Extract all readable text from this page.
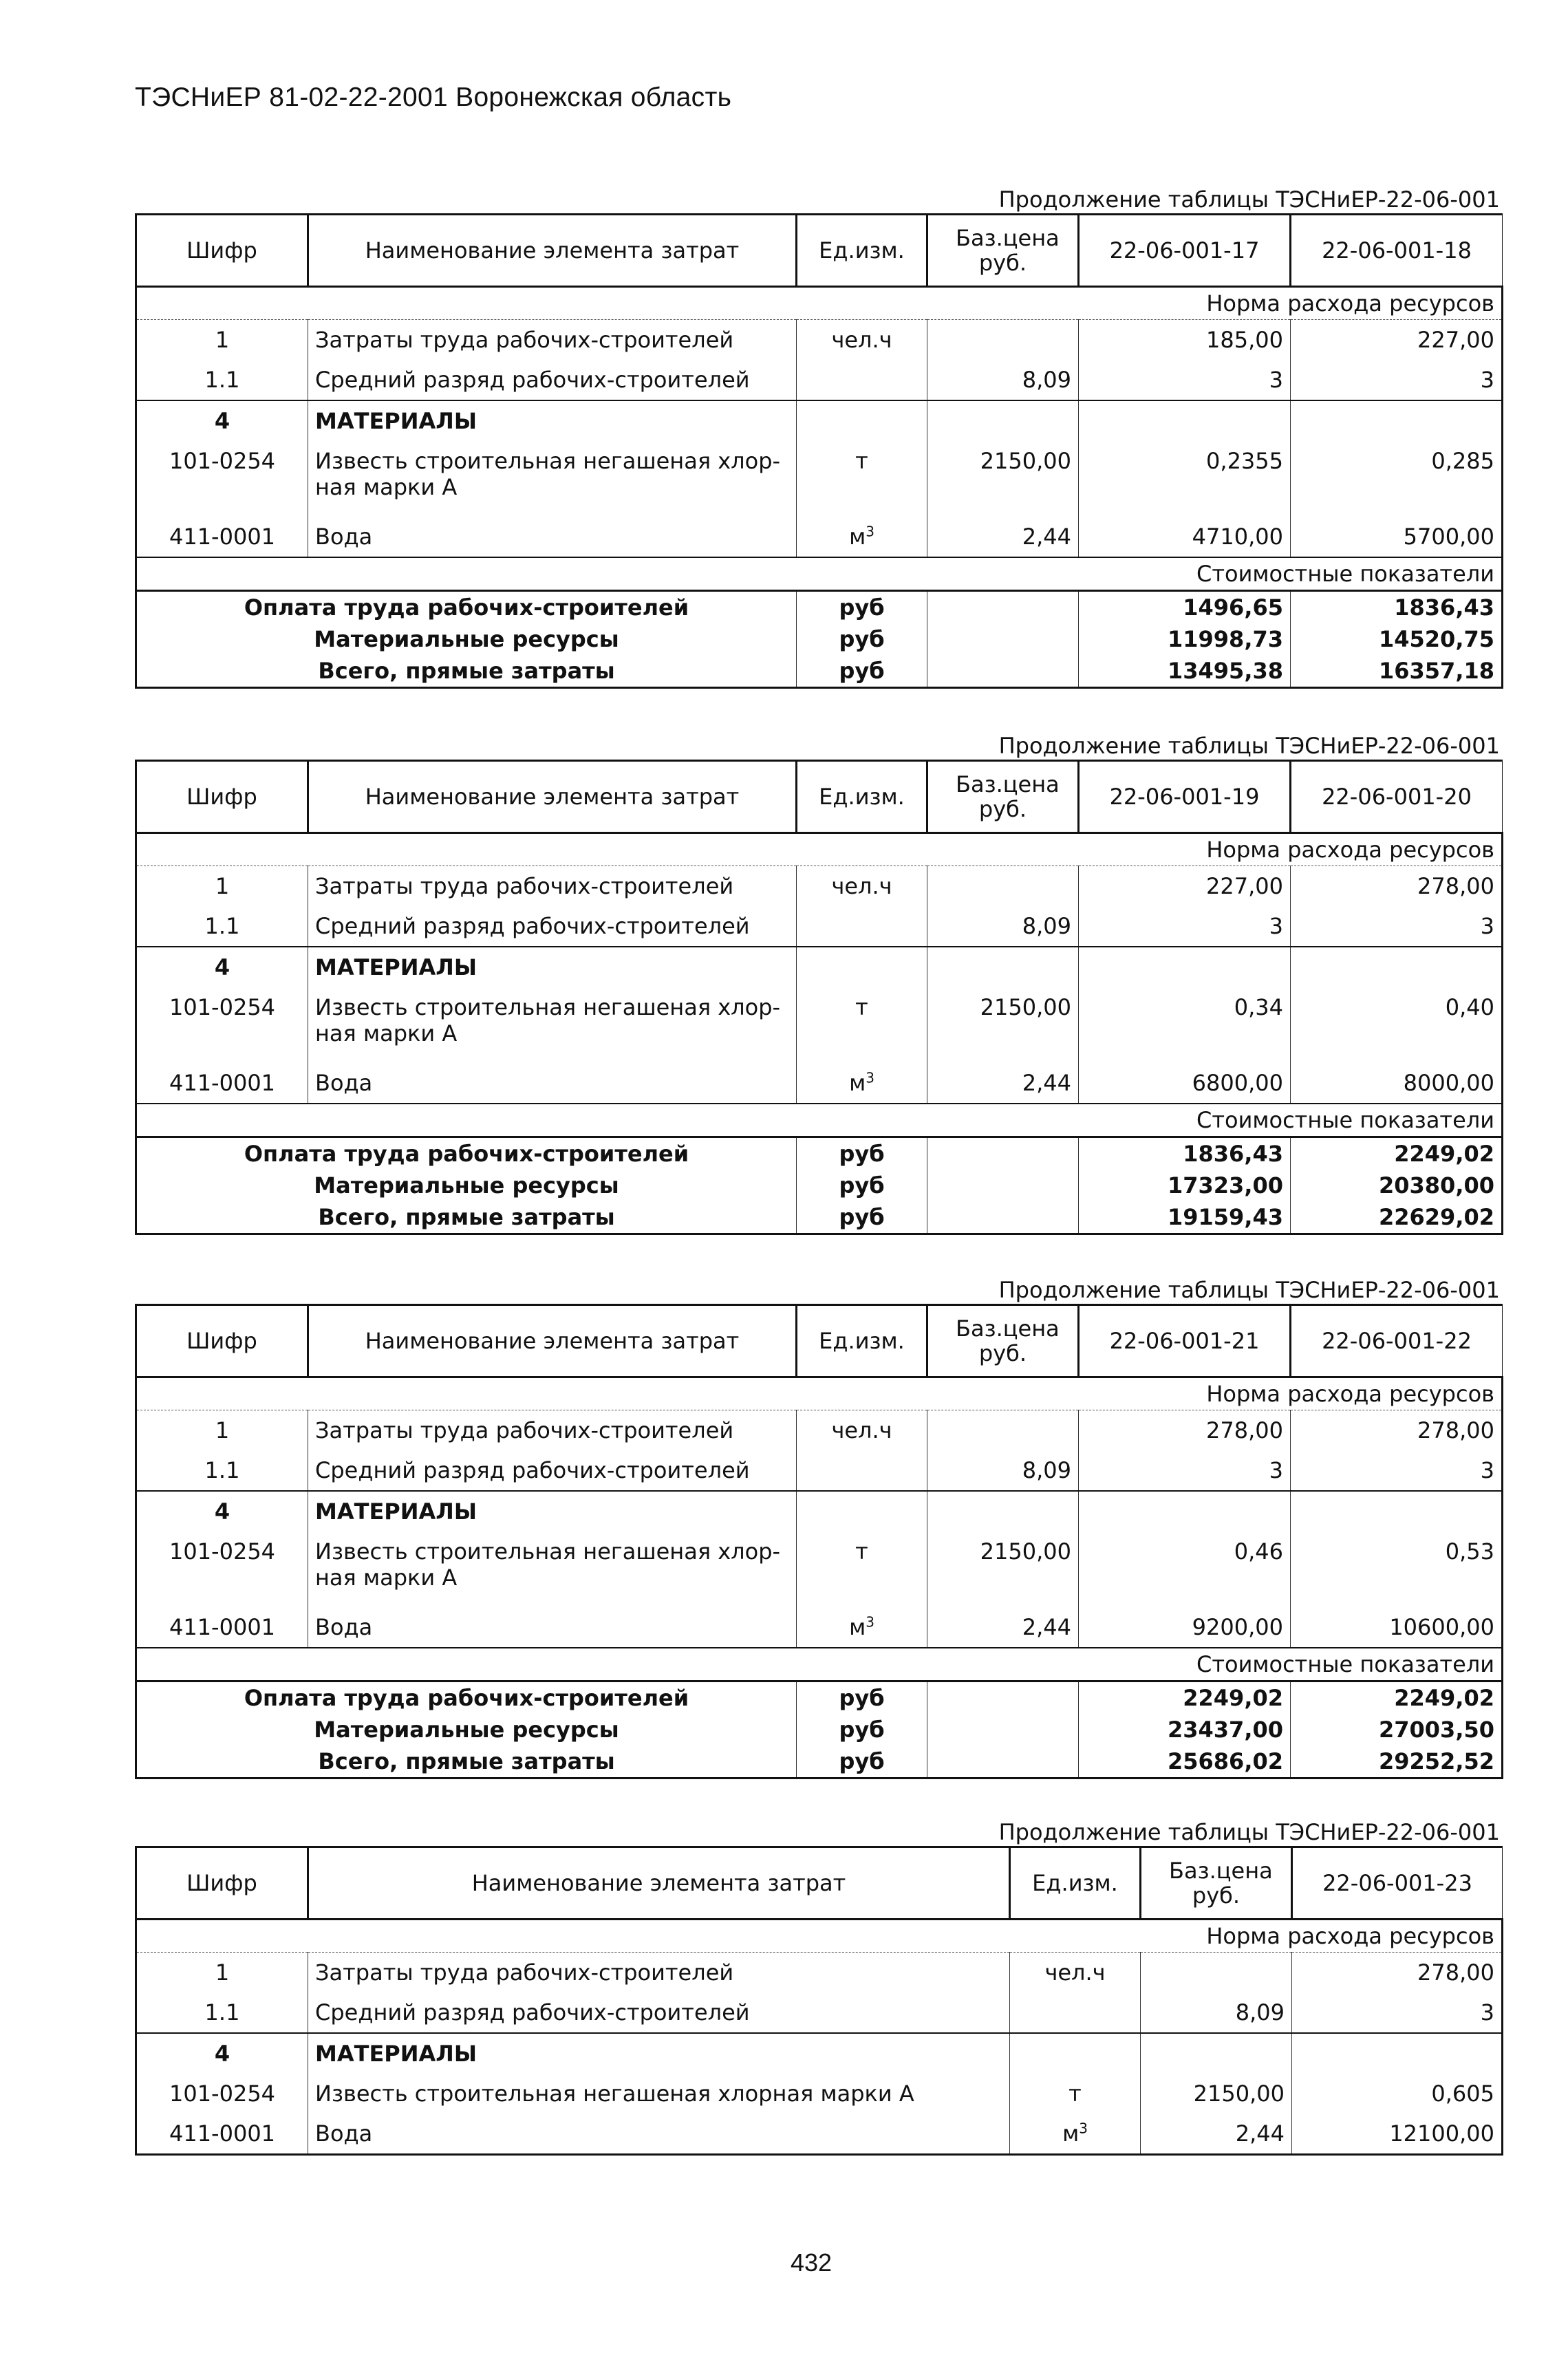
ТЭСНиЕР 81-02-22-2001 Воронежская область
Продолжение таблицы ТЭСНиЕР-22-06-001
Шифр	Наименование элемента затрат	Ед.изм.	Баз.цена руб.	22-06-001-17	22-06-001-18
Норма расхода ресурсов					
1	Затраты труда рабочих-строителей	чел.ч		185,00	227,00
1.1	Средний разряд рабочих-строителей		8,09	3	3
4	МАТЕРИАЛЫ				
101-0254	Известь строительная негашеная хлор-ная марки А	т	2150,00	0,2355	0,285
411-0001	Вода	$м^3$	2,44	4710,00	5700,00
Стоимостные показатели					
Оплата труда рабочих-строителей		руб		1496,65	1836,43
Материальные ресурсы		руб		11998,73	14520,75
Всего, прямые затраты		руб		13495,38	16357,18
Продолжение таблицы ТЭСНиЕР-22-06-001
Шифр	Наименование элемента затрат	Ед.изм.	Баз.цена руб.	22-06-001-19	22-06-001-20
Норма расхода ресурсов					
1	Затраты труда рабочих-строителей	чел.ч		227,00	278,00
1.1	Средний разряд рабочих-строителей		8,09	3	3
4	МАТЕРИАЛЫ				
101-0254	Известь строительная негашеная хлор-ная марки А	т	2150,00	0,34	0,40
411-0001	Вода	$м^3$	2,44	6800,00	8000,00
Стоимостные показатели					
Оплата труда рабочих-строителей		руб		1836,43	2249,02
Материальные ресурсы		руб		17323,00	20380,00
Всего, прямые затраты		руб		19159,43	22629,02
Продолжение таблицы ТЭСНиЕР-22-06-001
Шифр	Наименование элемента затрат	Ед.изм.	Баз.цена руб.	22-06-001-21	22-06-001-22
Норма расхода ресурсов					
1	Затраты труда рабочих-строителей	чел.ч		278,00	278,00
1.1	Средний разряд рабочих-строителей		8,09	3	3
4	МАТЕРИАЛЫ				
101-0254	Известь строительная негашеная хлор-ная марки А	т	2150,00	0,46	0,53
411-0001	Вода	$м^3$	2,44	9200,00	10600,00
Стоимостные показатели					
Оплата труда рабочих-строителей		руб		2249,02	2249,02
Материальные ресурсы		руб		23437,00	27003,50
Всего, прямые затраты		руб		25686,02	29252,52
Продолжение таблицы ТЭСНиЕР-22-06-001
Шифр	Наименование элемента затрат	Ед.изм.	Баз.цена руб.	22-06-001-23
Норма расхода ресурсов				
1	Затраты труда рабочих-строителей	чел.ч		278,00
1.1	Средний разряд рабочих-строителей		8,09	3
4	МАТЕРИАЛЫ			
101-0254	Известь строительная негашеная хлорная марки А	т	2150,00	0,605
411-0001	Вода	$м^3$	2,44	12100,00
432
